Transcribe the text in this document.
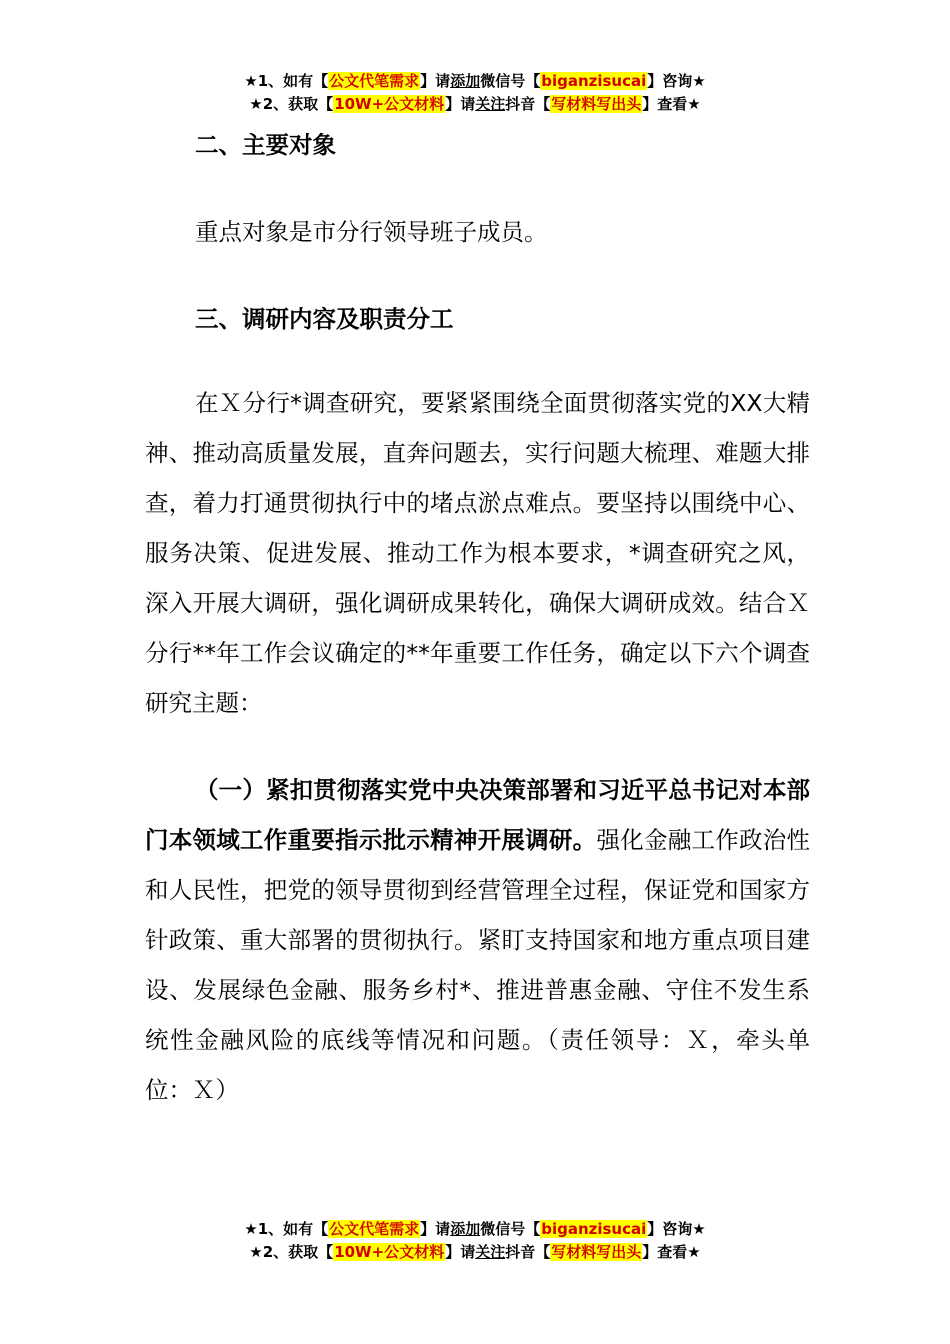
★1、如有【公文代笔需求】请添加微信号【biganzisucai】咨询★
★2、获取【10W+公文材料】请关注抖音【写材料写出头】查看★

二、主要对象

重点对象是市分行领导班子成员。

三、调研内容及职责分工

在Ｘ分行*调查研究，要紧紧围绕全面贯彻落实党的XX大精神、推动高质量发展，直奔问题去，实行问题大梳理、难题大排查，着力打通贯彻执行中的堵点淤点难点。要坚持以围绕中心、服务决策、促进发展、推动工作为根本要求，*调查研究之风，深入开展大调研，强化调研成果转化，确保大调研成效。结合Ｘ分行**年工作会议确定的**年重要工作任务，确定以下六个调查研究主题：

（一）紧扣贯彻落实党中央决策部署和习近平总书记对本部门本领域工作重要指示批示精神开展调研。强化金融工作政治性和人民性，把党的领导贯彻到经营管理全过程，保证党和国家方针政策、重大部署的贯彻执行。紧盯支持国家和地方重点项目建设、发展绿色金融、服务乡村*、推进普惠金融、守住不发生系统性金融风险的底线等情况和问题。（责任领导：Ｘ，牵头单位：Ｘ）

★1、如有【公文代笔需求】请添加微信号【biganzisucai】咨询★
★2、获取【10W+公文材料】请关注抖音【写材料写出头】查看★
